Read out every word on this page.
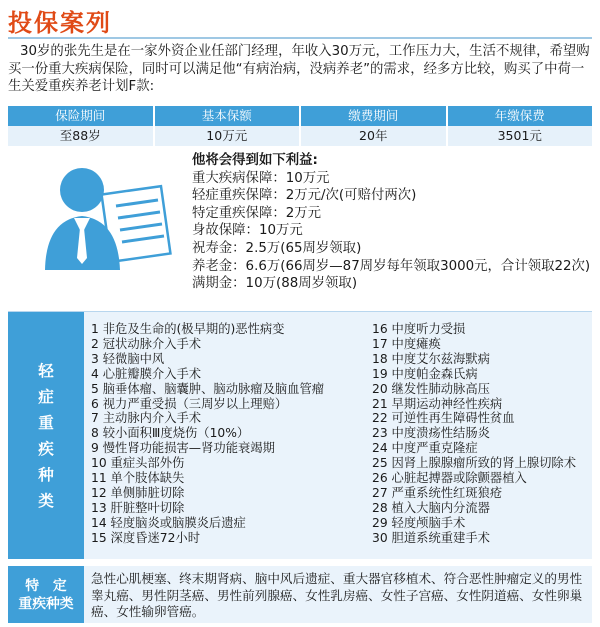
投保案列

30岁的张先生是在一家外资企业任部门经理，年收入30万元，工作压力大，生活不规律，希望购买一份重大疾病保险，同时可以满足他“有病治病，没病养老”的需求，经多方比较，购买了中荷一生关爱重疾养老计划F款:

保险期间	基本保额	缴费期间	年缴保费
至88岁	10万元	20年	3501元
他将会得到如下利益:
重大疾病保障：10万元
轻症重疾保障：2万元/次(可赔付两次)
特定重疾保障：2万元
身故保障：10万元
祝寿金：2.5万(65周岁领取)
养老金：6.6万(66周岁—87周岁每年领取3000元，合计领取22次)
满期金：10万(88周岁领取)
轻
症
重
疾
种
类
1 非危及生命的(极早期的)恶性病变
2 冠状动脉介入手术
3 轻微脑中风
4 心脏瓣膜介入手术
5 脑垂体瘤、脑囊肿、脑动脉瘤及脑血管瘤
6 视力严重受损（三周岁以上理赔）
7 主动脉内介入手术
8 较小面积Ⅲ度烧伤（10%）
9 慢性肾功能损害—肾功能衰竭期
10 重症头部外伤
11 单个肢体缺失
12 单侧肺脏切除
13 肝脏整叶切除
14 轻度脑炎或脑膜炎后遗症
15 深度昏迷72小时
16 中度听力受损
17 中度瘫痪
18 中度艾尔兹海默病
19 中度帕金森氏病
20 继发性肺动脉高压
21 早期运动神经性疾病
22 可逆性再生障碍性贫血
23 中度溃疡性结肠炎
24 中度严重克隆症
25 因肾上腺腺瘤所致的肾上腺切除术
26 心脏起搏器或除颤器植入
27 严重系统性红斑狼疮
28 植入大脑内分流器
29 轻度颅脑手术
30 胆道系统重建手术
特　定
重疾种类
急性心肌梗塞、终末期肾病、脑中风后遗症、重大器官移植术、符合恶性肿瘤定义的男性睾丸癌、男性阴茎癌、男性前列腺癌、女性乳房癌、女性子宫癌、女性阴道癌、女性卵巢癌、女性输卵管癌。
